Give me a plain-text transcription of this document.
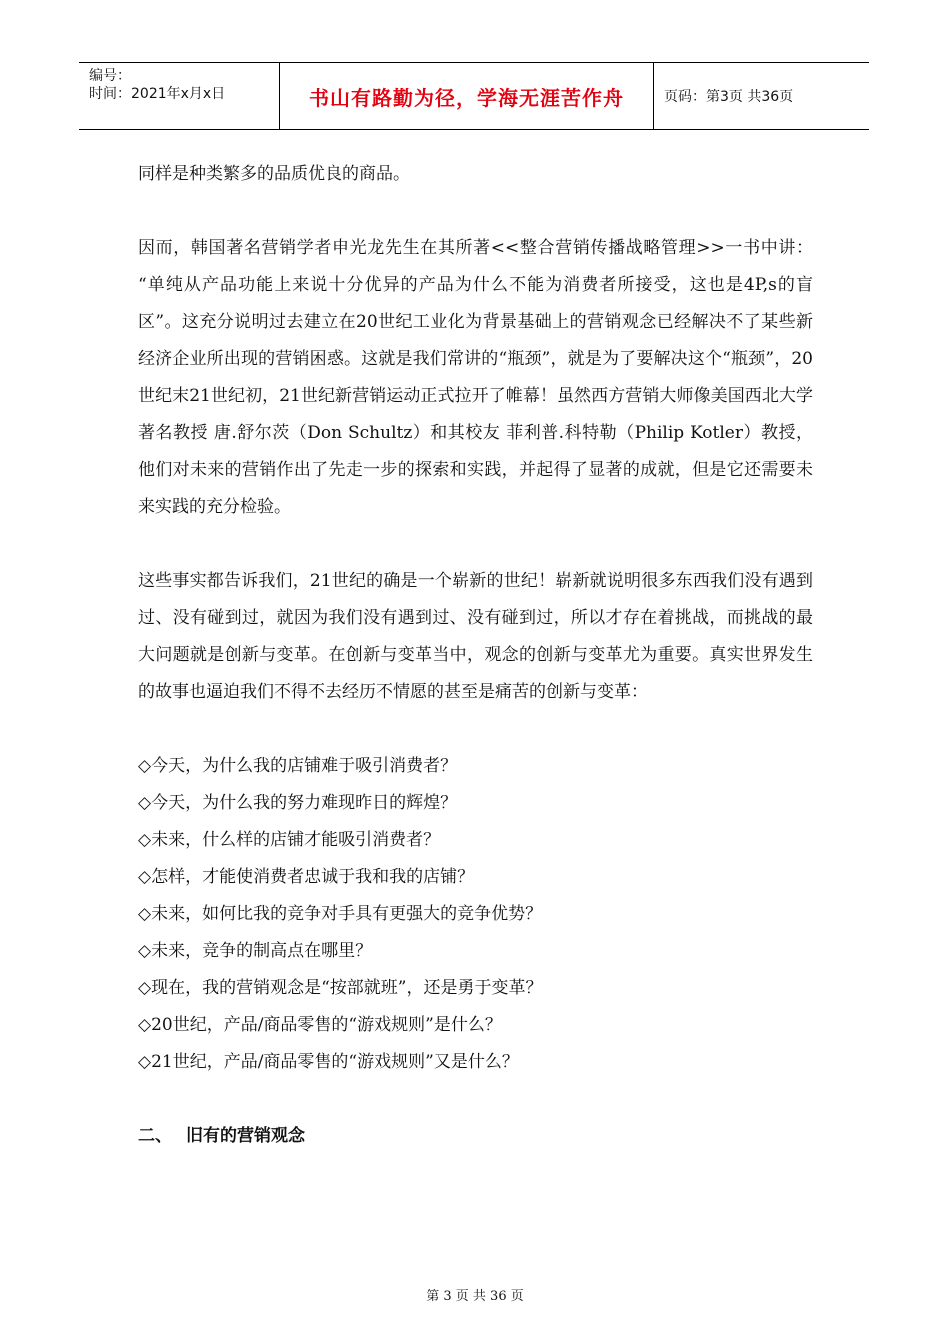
编号：
时间：2021年x月x日	书山有路勤为径，学海无涯苦作舟	页码：第3页 共36页

同样是种类繁多的品质优良的商品。

因而，韩国著名营销学者申光龙先生在其所著<<整合营销传播战略管理>>一书中讲： “单纯从产品功能上来说十分优异的产品为什么不能为消费者所接受，这也是4P,s的盲区”。这充分说明过去建立在20世纪工业化为背景基础上的营销观念已经解决不了某些新经济企业所出现的营销困惑。这就是我们常讲的“瓶颈”，就是为了要解决这个“瓶颈”，20世纪末21世纪初，21世纪新营销运动正式拉开了帷幕！虽然西方营销大师像美国西北大学著名教授 唐.舒尔茨（Don Schultz）和其校友 菲利普.科特勒（Philip Kotler）教授，他们对未来的营销作出了先走一步的探索和实践，并起得了显著的成就，但是它还需要未来实践的充分检验。

这些事实都告诉我们，21世纪的确是一个崭新的世纪！崭新就说明很多东西我们没有遇到过、没有碰到过，就因为我们没有遇到过、没有碰到过，所以才存在着挑战，而挑战的最大问题就是创新与变革。在创新与变革当中，观念的创新与变革尤为重要。真实世界发生的故事也逼迫我们不得不去经历不情愿的甚至是痛苦的创新与变革：

◇今天，为什么我的店铺难于吸引消费者？

◇今天，为什么我的努力难现昨日的辉煌？

◇未来，什么样的店铺才能吸引消费者？

◇怎样，才能使消费者忠诚于我和我的店铺？

◇未来，如何比我的竞争对手具有更强大的竞争优势？

◇未来，竞争的制高点在哪里？

◇现在，我的营销观念是“按部就班”，还是勇于变革？

◇20世纪，产品/商品零售的“游戏规则”是什么？

◇21世纪，产品/商品零售的“游戏规则”又是什么？

二、 旧有的营销观念

第 3 页 共 36 页
